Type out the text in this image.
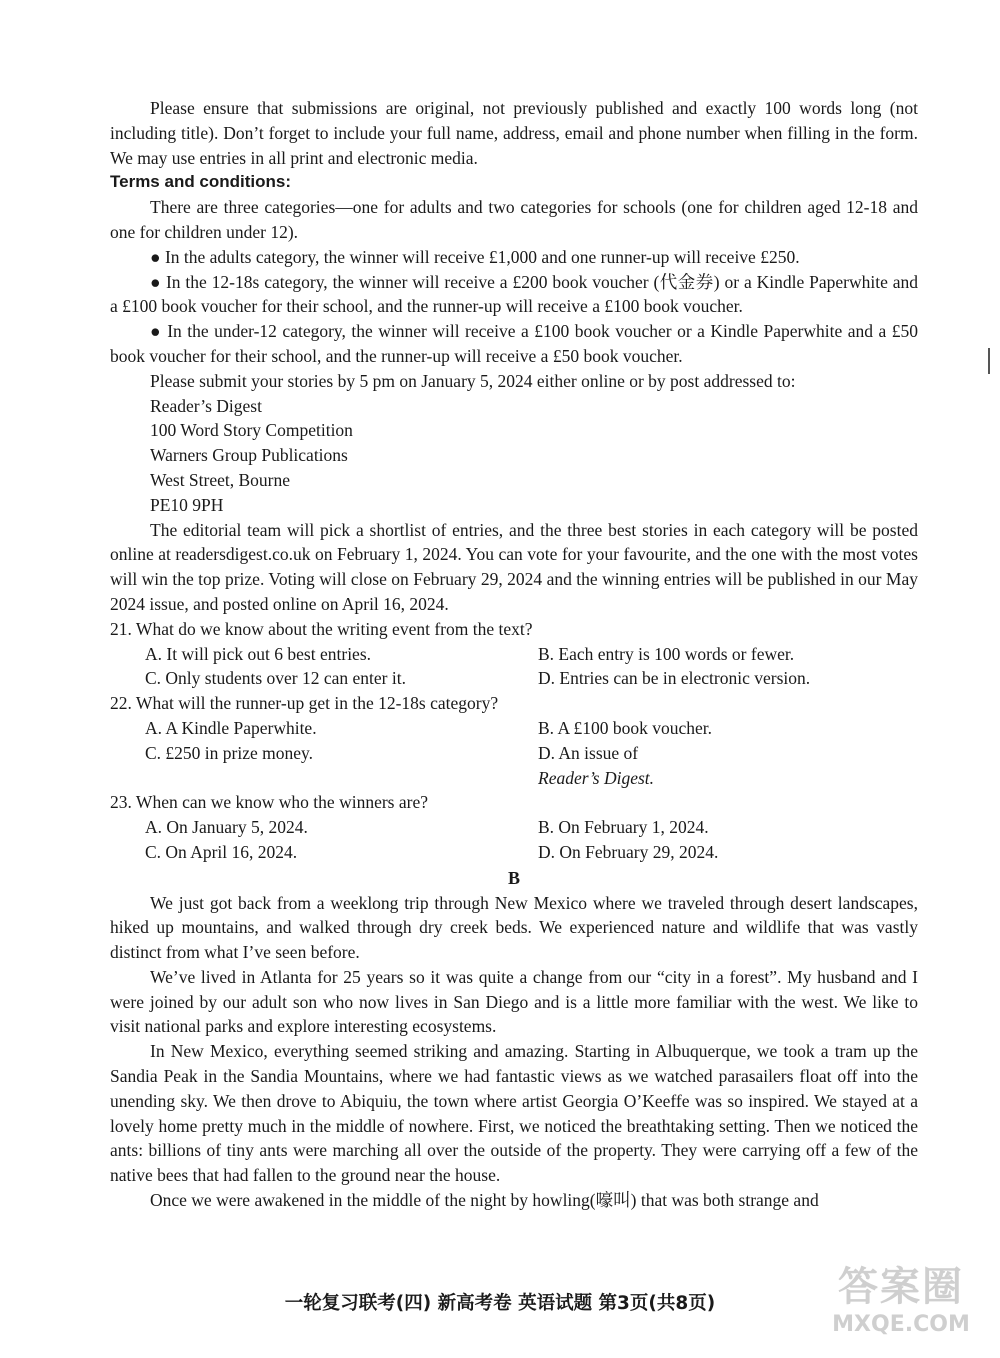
Please ensure that submissions are original, not previously published and exactly 100 words long (not including title). Don’t forget to include your full name, address, email and phone number when filling in the form. We may use entries in all print and electronic media.

Terms and conditions:

There are three categories—one for adults and two categories for schools (one for children aged 12-18 and one for children under 12).

● In the adults category, the winner will receive £1,000 and one runner-up will receive £250.

● In the 12-18s category, the winner will receive a £200 book voucher (代金券) or a Kindle Paperwhite and a £100 book voucher for their school, and the runner-up will receive a £100 book voucher.

● In the under-12 category, the winner will receive a £100 book voucher or a Kindle Paperwhite and a £50 book voucher for their school, and the runner-up will receive a £50 book voucher.

Please submit your stories by 5 pm on January 5, 2024 either online or by post addressed to:

Reader’s Digest

100 Word Story Competition

Warners Group Publications

West Street, Bourne

PE10 9PH

The editorial team will pick a shortlist of entries, and the three best stories in each category will be posted online at readersdigest.co.uk on February 1, 2024. You can vote for your favourite, and the one with the most votes will win the top prize. Voting will close on February 29, 2024 and the winning entries will be published in our May 2024 issue, and posted online on April 16, 2024.

21. What do we know about the writing event from the text?

A. It will pick out 6 best entries.	B. Each entry is 100 words or fewer.
C. Only students over 12 can enter it.	D. Entries can be in electronic version.

22. What will the runner-up get in the 12-18s category?

A. A Kindle Paperwhite.	B. A £100 book voucher.
C. £250 in prize money.	D. An issue of
Reader’s Digest.

23. When can we know who the winners are?

A. On January 5, 2024.	B. On February 1, 2024.
C. On April 16, 2024.	D. On February 29, 2024.

B

We just got back from a weeklong trip through New Mexico where we traveled through desert landscapes, hiked up mountains, and walked through dry creek beds. We experienced nature and wildlife that was vastly distinct from what I’ve seen before.

We’ve lived in Atlanta for 25 years so it was quite a change from our “city in a forest”. My husband and I were joined by our adult son who now lives in San Diego and is a little more familiar with the west. We like to visit national parks and explore interesting ecosystems.

In New Mexico, everything seemed striking and amazing. Starting in Albuquerque, we took a tram up the Sandia Peak in the Sandia Mountains, where we had fantastic views as we watched parasailers float off into the unending sky. We then drove to Abiquiu, the town where artist Georgia O’Keeffe was so inspired. We stayed at a lovely home pretty much in the middle of nowhere. First, we noticed the breathtaking setting. Then we noticed the ants: billions of tiny ants were marching all over the outside of the property. They were carrying off a few of the native bees that had fallen to the ground near the house.

Once we were awakened in the middle of the night by howling(嚎叫) that was both strange and

一轮复习联考(四) 新高考卷 英语试题 第3页(共8页)	答案圈
MXQE.COM
